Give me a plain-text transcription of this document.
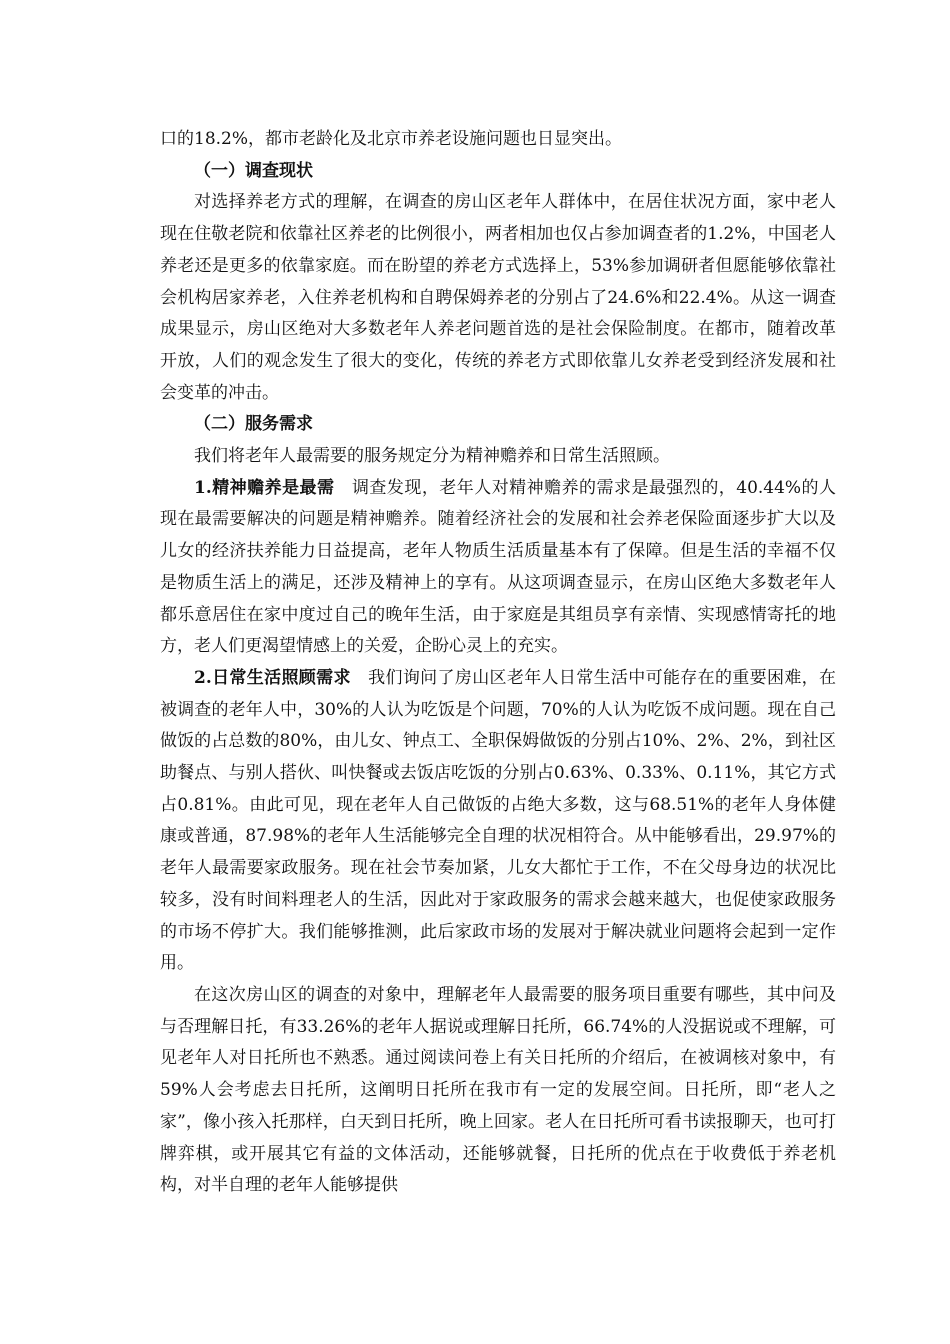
口的18.2%，都市老龄化及北京市养老设施问题也日显突出。

（一）调查现状

对选择养老方式的理解，在调查的房山区老年人群体中，在居住状况方面，家中老人现在住敬老院和依靠社区养老的比例很小，两者相加也仅占参加调查者的1.2%，中国老人养老还是更多的依靠家庭。而在盼望的养老方式选择上，53%参加调研者但愿能够依靠社会机构居家养老，入住养老机构和自聘保姆养老的分别占了24.6%和22.4%。从这一调查成果显示，房山区绝对大多数老年人养老问题首选的是社会保险制度。在都市，随着改革开放，人们的观念发生了很大的变化，传统的养老方式即依靠儿女养老受到经济发展和社会变革的冲击。

（二）服务需求

我们将老年人最需要的服务规定分为精神赡养和日常生活照顾。

1.精神赡养是最需　 调查发现，老年人对精神赡养的需求是最强烈的，40.44%的人现在最需要解决的问题是精神赡养。随着经济社会的发展和社会养老保险面逐步扩大以及儿女的经济扶养能力日益提高，老年人物质生活质量基本有了保障。但是生活的幸福不仅是物质生活上的满足，还涉及精神上的享有。从这项调查显示，在房山区绝大多数老年人都乐意居住在家中度过自己的晚年生活，由于家庭是其组员享有亲情、实现感情寄托的地方，老人们更渴望情感上的关爱，企盼心灵上的充实。

2.日常生活照顾需求　 我们询问了房山区老年人日常生活中可能存在的重要困难，在被调查的老年人中，30%的人认为吃饭是个问题，70%的人认为吃饭不成问题。现在自己做饭的占总数的80%，由儿女、钟点工、全职保姆做饭的分别占10%、2%、2%，到社区助餐点、与别人搭伙、叫快餐或去饭店吃饭的分别占0.63%、0.33%、0.11%，其它方式占0.81%。由此可见，现在老年人自己做饭的占绝大多数，这与68.51%的老年人身体健康或普通，87.98%的老年人生活能够完全自理的状况相符合。从中能够看出，29.97%的老年人最需要家政服务。现在社会节奏加紧，儿女大都忙于工作，不在父母身边的状况比较多，没有时间料理老人的生活，因此对于家政服务的需求会越来越大，也促使家政服务的市场不停扩大。我们能够推测，此后家政市场的发展对于解决就业问题将会起到一定作用。

在这次房山区的调查的对象中，理解老年人最需要的服务项目重要有哪些，其中问及与否理解日托，有33.26%的老年人据说或理解日托所，66.74%的人没据说或不理解，可见老年人对日托所也不熟悉。通过阅读问卷上有关日托所的介绍后，在被调核对象中，有59%人会考虑去日托所，这阐明日托所在我市有一定的发展空间。日托所，即“老人之家”，像小孩入托那样，白天到日托所，晚上回家。老人在日托所可看书读报聊天，也可打牌弈棋，或开展其它有益的文体活动，还能够就餐，日托所的优点在于收费低于养老机构，对半自理的老年人能够提供
